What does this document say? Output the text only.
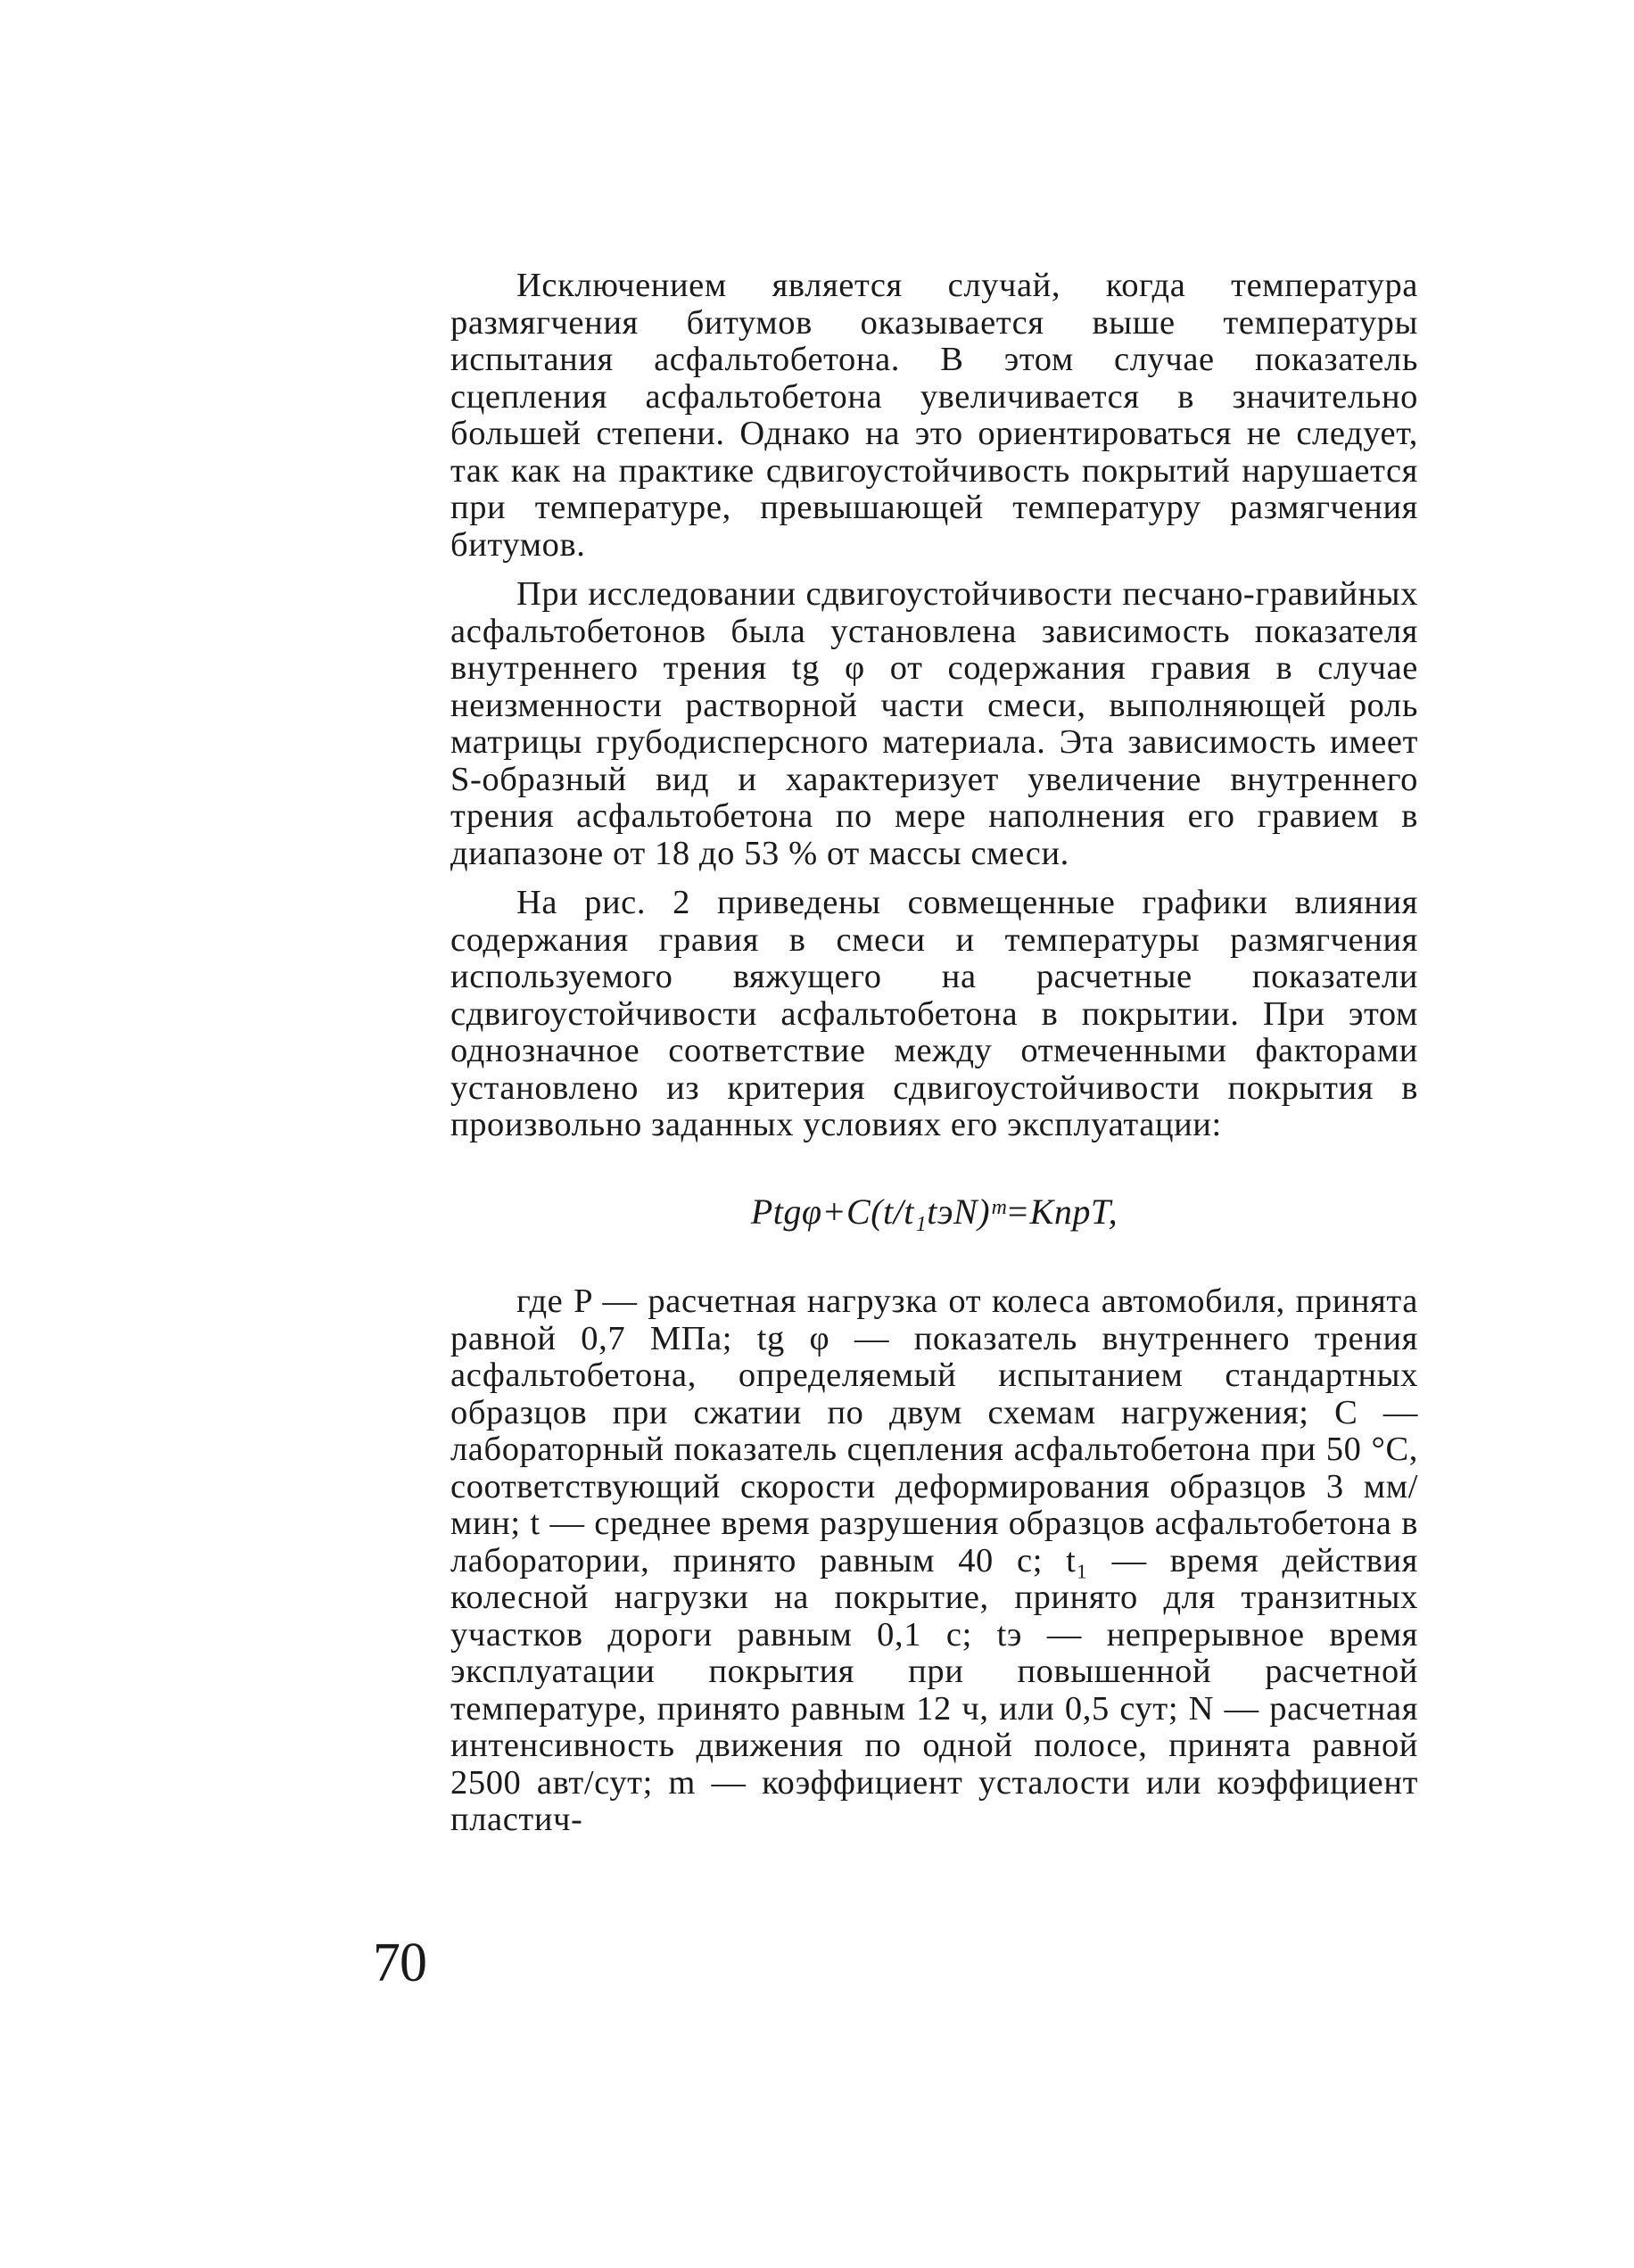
Исключением является случай, когда температура размягчения битумов оказывается выше температуры испытания асфальтобетона. В этом случае показатель сцепления асфальтобетона увеличивается в значительно большей степени. Однако на это ориентироваться не следует, так как на практике сдвигоустойчивость покрытий нарушается при температуре, превышающей температуру размягчения битумов.

При исследовании сдвигоустойчивости песчано-гравийных асфальтобетонов была установлена зависимость показателя внутреннего трения tg φ от содержания гравия в случае неизменности растворной части смеси, выполняющей роль матрицы грубодисперсного материала. Эта зависимость имеет S-образный вид и характеризует увеличение внутреннего трения асфальтобетона по мере наполнения его гравием в диапазоне от 18 до 53 % от массы смеси.

На рис. 2 приведены совмещенные графики влияния содержания гравия в смеси и температуры размягчения используемого вяжущего на расчетные показатели сдвигоустойчивости асфальтобетона в покрытии. При этом однозначное соответствие между отмеченными факторами установлено из критерия сдвигоустойчивости покрытия в произвольно заданных условиях его эксплуатации:

Ptgφ+C(t/t₁tэN)ᵐ=KпрT,

где P — расчетная нагрузка от колеса автомобиля, принята равной 0,7 МПа; tg φ — показатель внутреннего трения асфальтобетона, определяемый испытанием стандартных образцов при сжатии по двум схемам нагружения; C — лабораторный показатель сцепления асфальтобетона при 50 °C, соответствующий скорости деформирования образцов 3 мм/мин; t — среднее время разрушения образцов асфальтобетона в лаборатории, принято равным 40 с; t₁ — время действия колесной нагрузки на покрытие, принято для транзитных участков дороги равным 0,1 с; tэ — непрерывное время эксплуатации покрытия при повышенной расчетной температуре, принято равным 12 ч, или 0,5 сут; N — расчетная интенсивность движения по одной полосе, принята равной 2500 авт/сут; m — коэффициент усталости или коэффициент пластич-

70
